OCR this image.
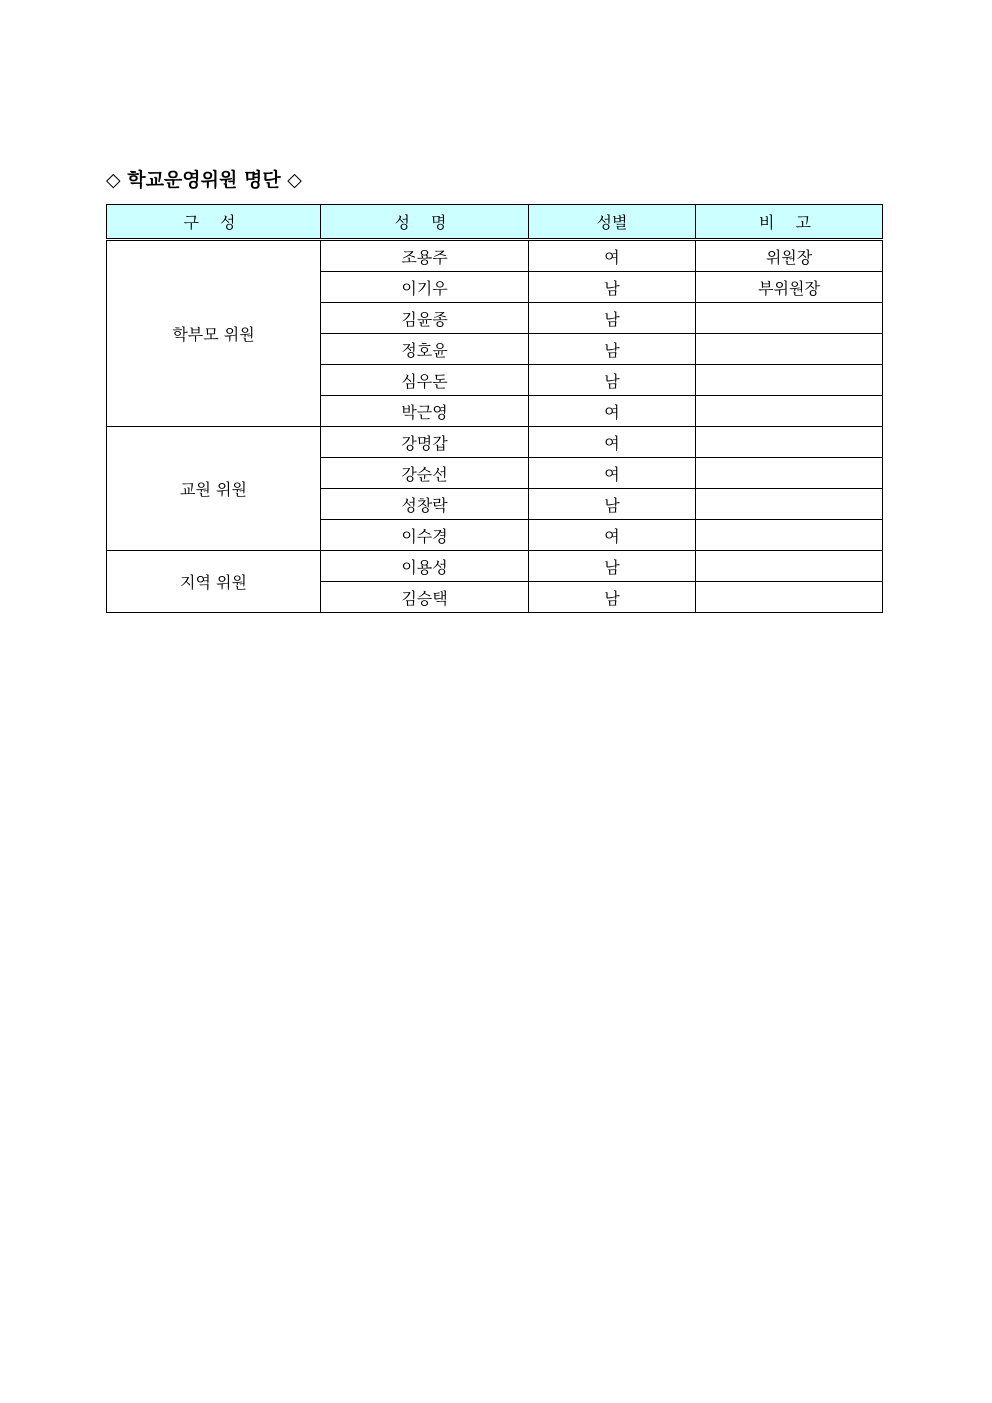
◇ 학교운영위원 명단 ◇
구 성	성 명	성별	비 고
학부모 위원	조용주	여	위원장
	이기우	남	부위원장
	김윤종	남	
	정호윤	남	
	심우돈	남	
	박근영	여	
교원 위원	강명갑	여	
	강순선	여	
	성창락	남	
	이수경	여	
지역 위원	이용성	남	
	김승택	남	
